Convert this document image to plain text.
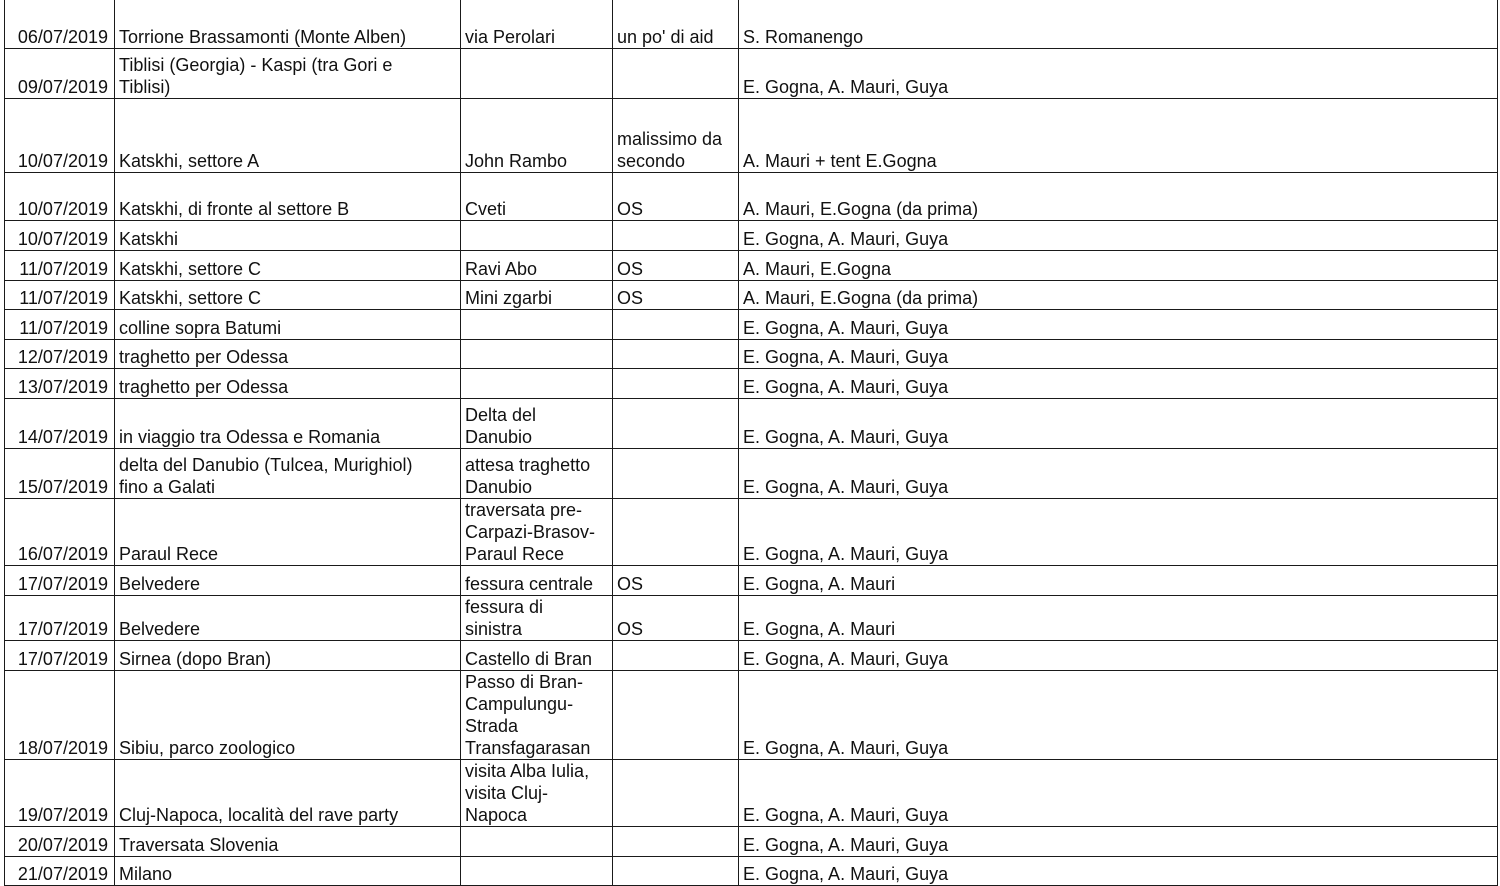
06/07/2019	Torrione Brassamonti (Monte Alben)	via Perolari	un po' di aid	S. Romanengo
09/07/2019	Tiblisi (Georgia) - Kaspi (tra Gori e
Tiblisi)			E. Gogna, A. Mauri, Guya
10/07/2019	Katskhi, settore A	John Rambo	malissimo da
secondo	A. Mauri + tent E.Gogna
10/07/2019	Katskhi, di fronte al settore B	Cveti	OS	A. Mauri, E.Gogna (da prima)
10/07/2019	Katskhi			E. Gogna, A. Mauri, Guya
11/07/2019	Katskhi, settore C	Ravi Abo	OS	A. Mauri, E.Gogna
11/07/2019	Katskhi, settore C	Mini zgarbi	OS	A. Mauri, E.Gogna (da prima)
11/07/2019	colline sopra Batumi			E. Gogna, A. Mauri, Guya
12/07/2019	traghetto per Odessa			E. Gogna, A. Mauri, Guya
13/07/2019	traghetto per Odessa			E. Gogna, A. Mauri, Guya
14/07/2019	in viaggio tra Odessa e Romania	Delta del
Danubio		E. Gogna, A. Mauri, Guya
15/07/2019	delta del Danubio (Tulcea, Murighiol)
fino a Galati	attesa traghetto
Danubio		E. Gogna, A. Mauri, Guya
16/07/2019	Paraul Rece	traversata pre-
Carpazi-Brasov-
Paraul Rece		E. Gogna, A. Mauri, Guya
17/07/2019	Belvedere	fessura centrale	OS	E. Gogna, A. Mauri
17/07/2019	Belvedere	fessura di
sinistra	OS	E. Gogna, A. Mauri
17/07/2019	Sirnea (dopo Bran)	Castello di Bran		E. Gogna, A. Mauri, Guya
18/07/2019	Sibiu, parco zoologico	Passo di Bran-
Campulungu-
Strada
Transfagarasan		E. Gogna, A. Mauri, Guya
19/07/2019	Cluj-Napoca, località del rave party	visita Alba Iulia,
visita Cluj-
Napoca		E. Gogna, A. Mauri, Guya
20/07/2019	Traversata Slovenia			E. Gogna, A. Mauri, Guya
21/07/2019	Milano			E. Gogna, A. Mauri, Guya
